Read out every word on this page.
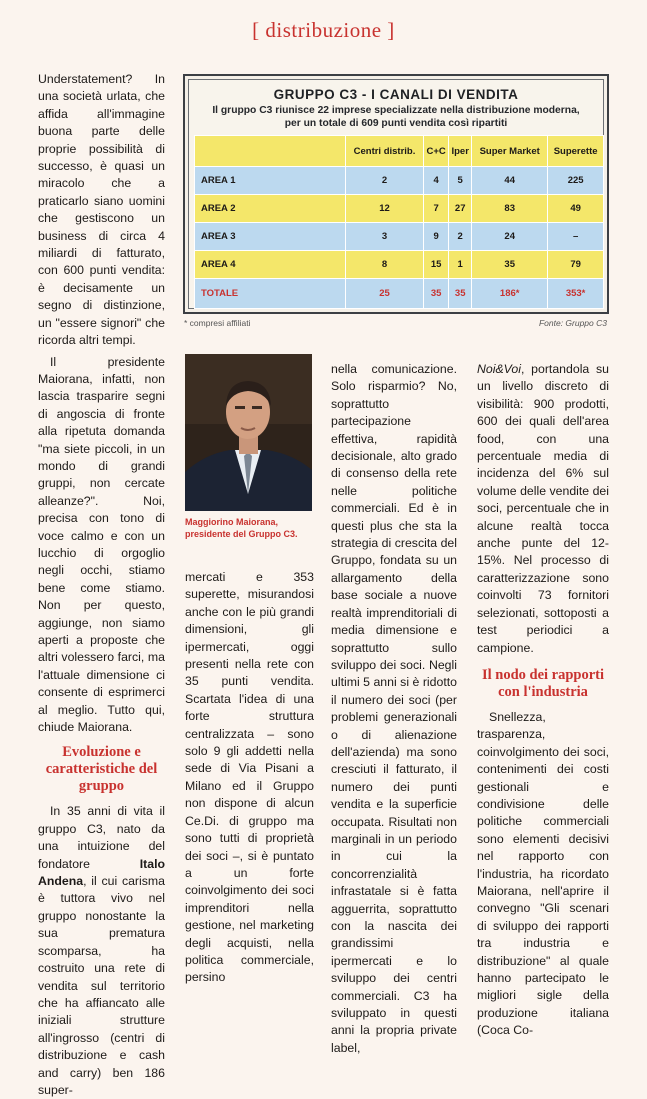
[ distribuzione ]
GRUPPO C3 - I CANALI DI VENDITA
Il gruppo C3 riunisce 22 imprese specializzate nella distribuzione moderna,
per un totale di 609 punti vendita così ripartiti
	Centri distrib.	C+C	Iper	Super Market	Superette
AREA 1	2	4	5	44	225
AREA 2	12	7	27	83	49
AREA 3	3	9	2	24	–
AREA 4	8	15	1	35	79
TOTALE	25	35	35	186*	353*
* compresi affiliati	Fonte: Gruppo C3
Maggiorino Maiorana, presidente del Gruppo C3.

Understatement? In una società urlata, che affida all'immagine buona parte delle proprie possibilità di successo, è quasi un miracolo che a praticarlo siano uomini che gestiscono un business di circa 4 miliardi di fatturato, con 600 punti vendita: è decisamente un segno di distinzione, un "essere signori" che ricorda altri tempi.

Il presidente Maiorana, infatti, non lascia trasparire segni di angoscia di fronte alla ripetuta domanda "ma siete piccoli, in un mondo di grandi gruppi, non cercate alleanze?". Noi, precisa con tono di voce calmo e con un lucchio di orgoglio negli occhi, stiamo bene come stiamo. Non per questo, aggiunge, non siamo aperti a proposte che altri volessero farci, ma l'attuale dimensione ci consente di esprimerci al meglio. Tutto qui, chiude Maiorana.

Evoluzione e caratteristiche del gruppo

In 35 anni di vita il gruppo C3, nato da una intuizione del fondatore Italo Andena, il cui carisma è tuttora vivo nel gruppo nonostante la sua prematura scomparsa, ha costruito una rete di vendita sul territorio che ha affiancato alle iniziali strutture all'ingrosso (centri di distribuzione e cash and carry) ben 186 super-

mercati e 353 superette, misurandosi anche con le più grandi dimensioni, gli ipermercati, oggi presenti nella rete con 35 punti vendita. Scartata l'idea di una forte struttura centralizzata – sono solo 9 gli addetti nella sede di Via Pisani a Milano ed il Gruppo non dispone di alcun Ce.Di. di gruppo ma sono tutti di proprietà dei soci –, si è puntato a un forte coinvolgimento dei soci imprenditori nella gestione, nel marketing degli acquisti, nella politica commerciale, persino

nella comunicazione. Solo risparmio? No, soprattutto partecipazione effettiva, rapidità decisionale, alto grado di consenso della rete nelle politiche commerciali. Ed è in questi plus che sta la strategia di crescita del Gruppo, fondata su un allargamento della base sociale a nuove realtà imprenditoriali di media dimensione e soprattutto sullo sviluppo dei soci. Negli ultimi 5 anni si è ridotto il numero dei soci (per problemi generazionali o di alienazione dell'azienda) ma sono cresciuti il fatturato, il numero dei punti vendita e la superficie occupata. Risultati non marginali in un periodo in cui la concorrenzialità infrastatale si è fatta agguerrita, soprattutto con la nascita dei grandissimi ipermercati e lo sviluppo dei centri commerciali. C3 ha sviluppato in questi anni la propria private label,

Noi&Voi, portandola su un livello discreto di visibilità: 900 prodotti, 600 dei quali dell'area food, con una percentuale media di incidenza del 6% sul volume delle vendite dei soci, percentuale che in alcune realtà tocca anche punte del 12-15%. Nel processo di caratterizzazione sono coinvolti 73 fornitori selezionati, sottoposti a test periodici a campione.

Il nodo dei rapporti con l'industria

Snellezza, trasparenza, coinvolgimento dei soci, contenimenti dei costi gestionali e condivisione delle politiche commerciali sono elementi decisivi nel rapporto con l'industria, ha ricordato Maiorana, nell'aprire il convegno "Gli scenari di sviluppo dei rapporti tra industria e distribuzione" al quale hanno partecipato le migliori sigle della produzione italiana (Coca Co-
